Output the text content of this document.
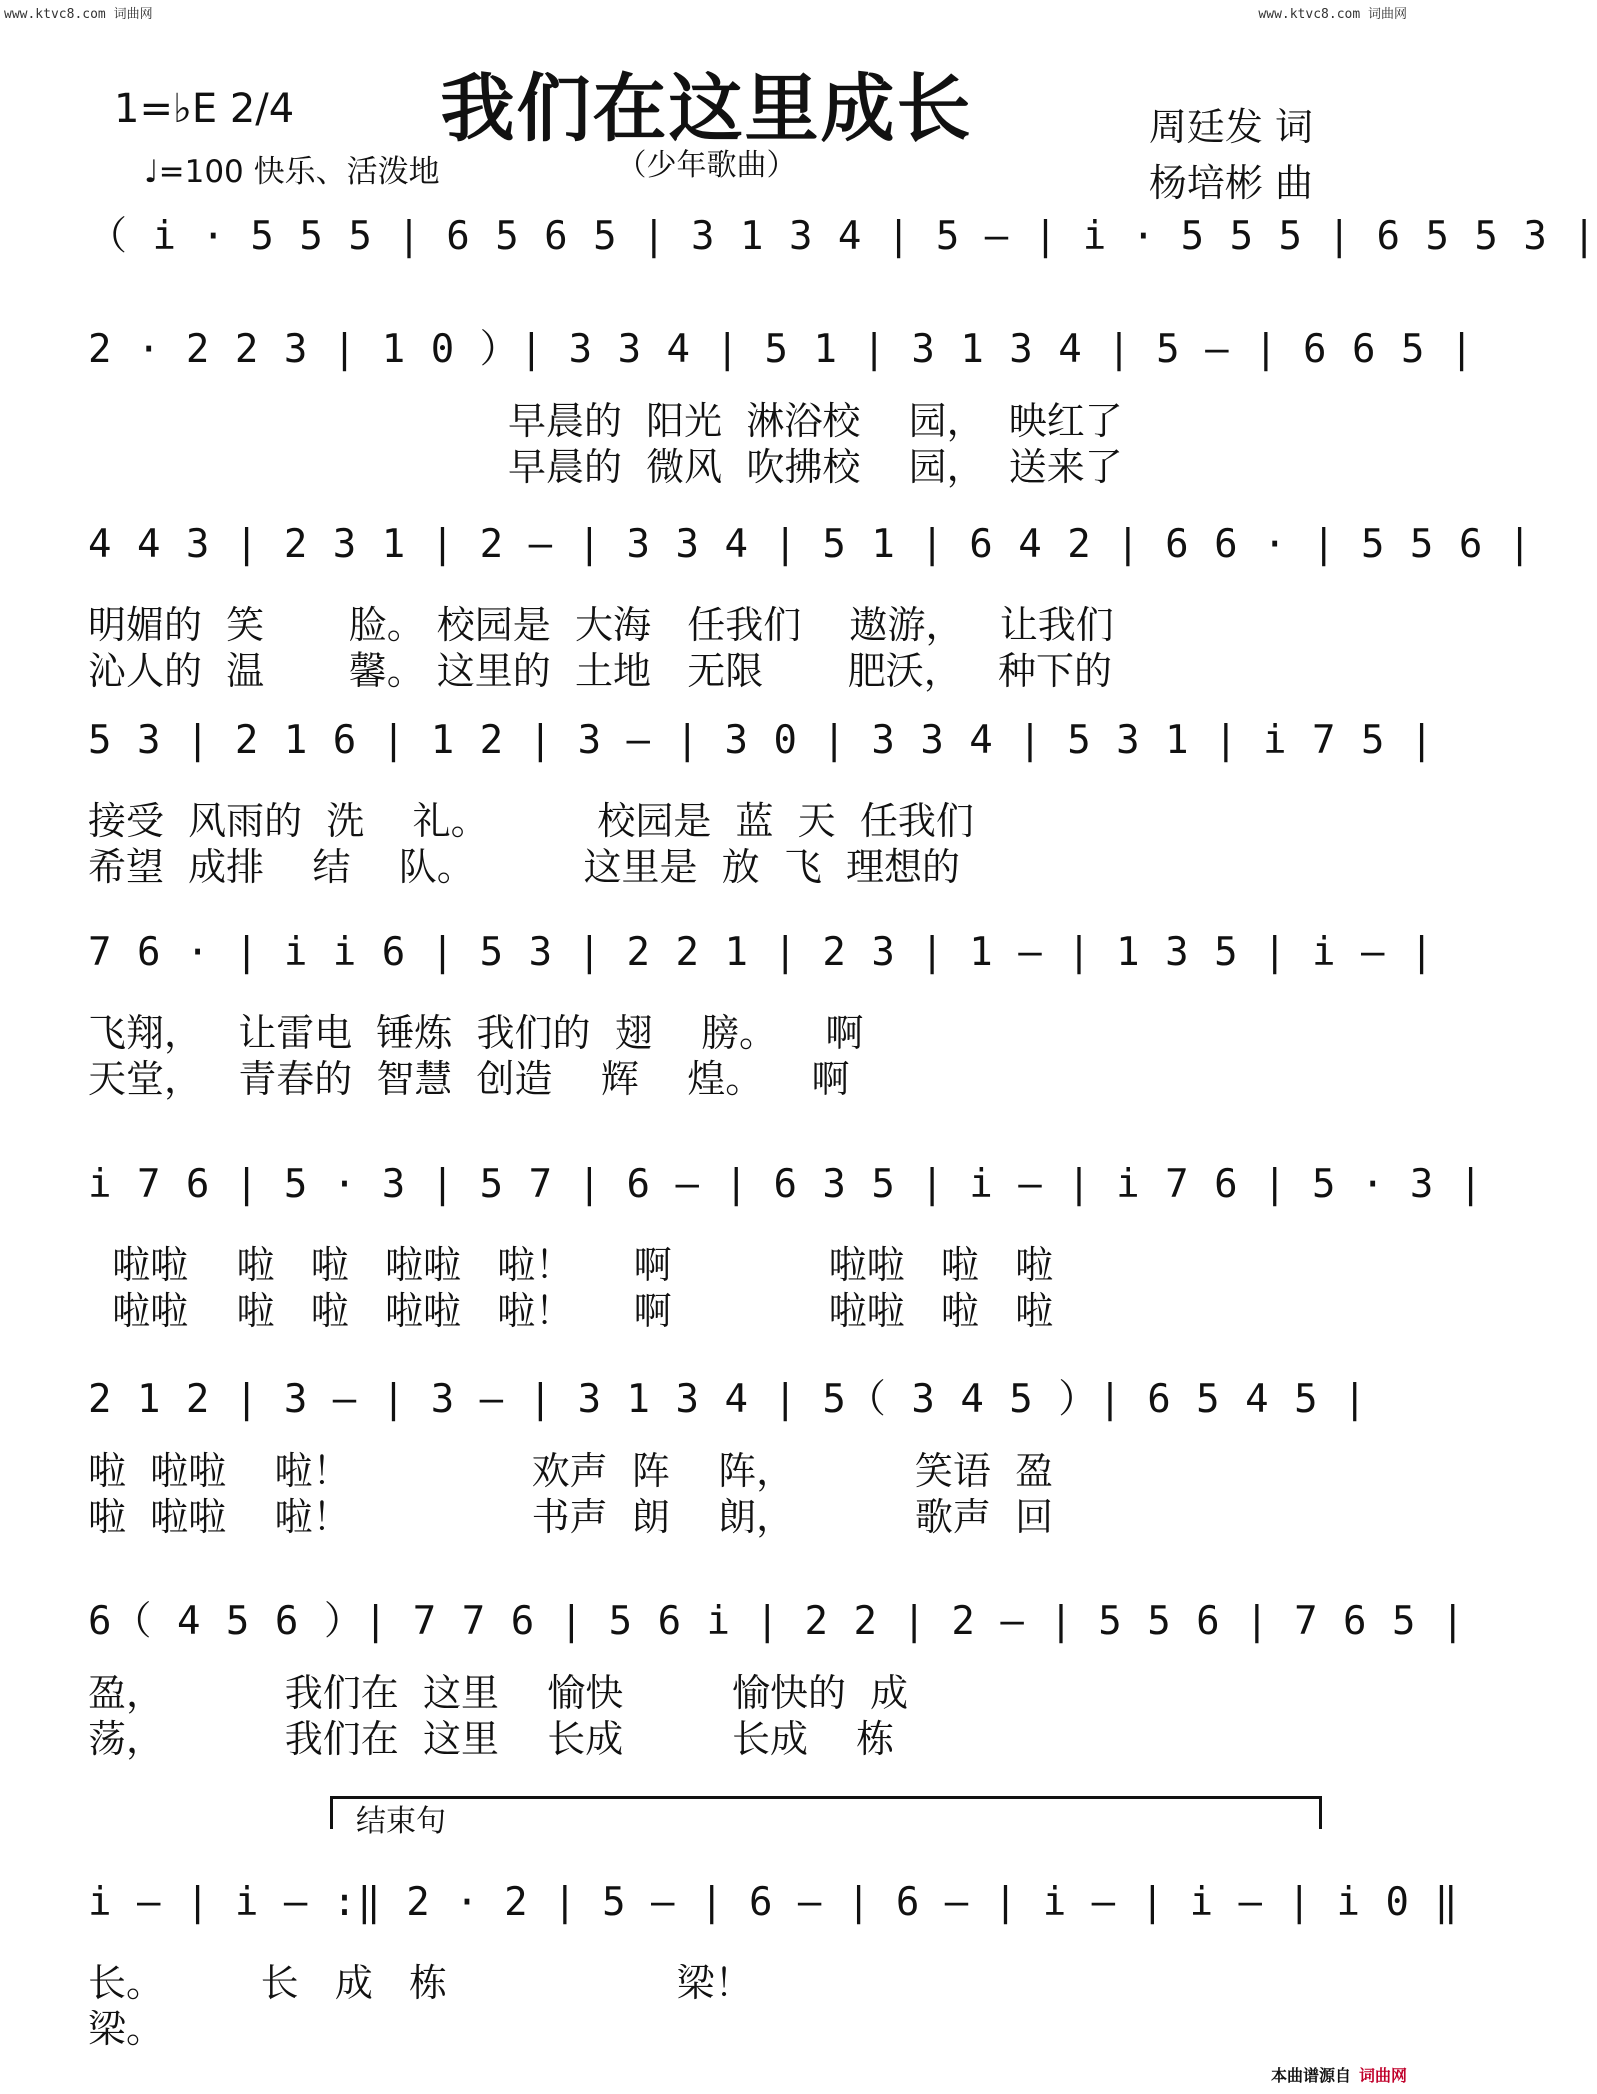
www.ktvc8.com 词曲网	www.ktvc8.com 词曲网
1=♭E 2/4
♩=100 快乐、活泼地
我们在这里成长
（少年歌曲）
周廷发 词
杨培彬 曲
（ i · 5 5 5 | 6 5 6 5 | 3 1 3 4 | 5 – | i · 5 5 5 | 6 5 5 3 |
2 · 2 2 3 | 1 0 ）| 3 3 4 | 5 1 | 3 1 3 4 | 5 – | 6 6 5 |
早晨的  阳光  淋浴校    园，  映红了
早晨的  微风  吹拂校    园，  送来了
4 4 3 | 2 3 1 | 2 – | 3 3 4 | 5 1 | 6 4 2 | 6 6 · | 5 5 6 |
明媚的  笑       脸。 校园是  大海   任我们    遨游，   让我们
沁人的  温       馨。 这里的  土地   无限       肥沃，   种下的
5 3 | 2 1 6 | 1 2 | 3 – | 3 0 | 3 3 4 | 5 3 1 | i 7 5 |
接受  风雨的  洗    礼。         校园是  蓝  天  任我们
希望  成排    结    队。         这里是  放  飞  理想的
7 6 · | i i 6 | 5 3 | 2 2 1 | 2 3 | 1 – | 1 3 5 | i – |
飞翔，   让雷电  锤炼  我们的  翅    膀。    啊
天堂，   青春的  智慧  创造    辉    煌。    啊
i 7 6 | 5 · 3 | 5 7 | 6 – | 6 3 5 | i – | i 7 6 | 5 · 3 |
啦啦    啦   啦   啦啦   啦！     啊             啦啦   啦   啦
啦啦    啦   啦   啦啦   啦！     啊             啦啦   啦   啦
2 1 2 | 3 – | 3 – | 3 1 3 4 | 5（ 3 4 5 ）| 6 5 4 5 |
啦  啦啦    啦！               欢声  阵    阵，          笑语  盈
啦  啦啦    啦！               书声  朗    朗，          歌声  回
6（ 4 5 6 ）| 7 7 6 | 5 6 i | 2 2 | 2 – | 5 5 6 | 7 6 5 |
盈，          我们在  这里    愉快         愉快的  成
荡，          我们在  这里    长成         长成    栋
结束句
i – | i – :‖ 2 · 2 | 5 – | 6 – | 6 – | i – | i – | i 0 ‖
长。        长   成   栋                   梁！
梁。
本曲谱源自 词曲网
